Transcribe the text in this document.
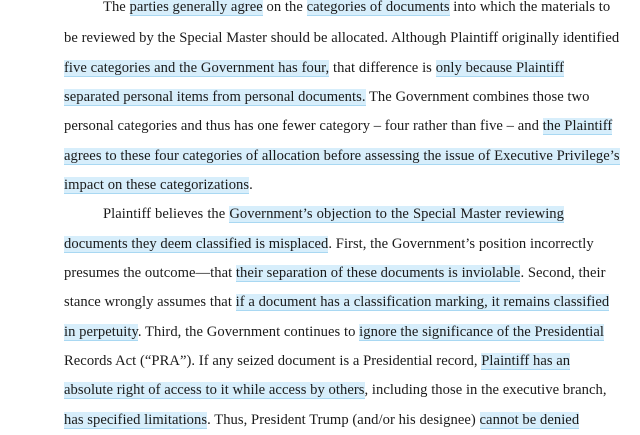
The parties generally agree on the categories of documents into which the materials to
be reviewed by the Special Master should be allocated. Although Plaintiff originally identified
five categories and the Government has four, that difference is only because Plaintiff
separated personal items from personal documents. The Government combines those two
personal categories and thus has one fewer category – four rather than five – and the Plaintiff
agrees to these four categories of allocation before assessing the issue of Executive Privilege’s
impact on these categorizations.
Plaintiff believes the Government’s objection to the Special Master reviewing
documents they deem classified is misplaced. First, the Government’s position incorrectly
presumes the outcome—that their separation of these documents is inviolable. Second, their
stance wrongly assumes that if a document has a classification marking, it remains classified
in perpetuity. Third, the Government continues to ignore the significance of the Presidential
Records Act (“PRA”). If any seized document is a Presidential record, Plaintiff has an
absolute right of access to it while access by others, including those in the executive branch,
has specified limitations. Thus, President Trump (and/or his designee) cannot be denied
